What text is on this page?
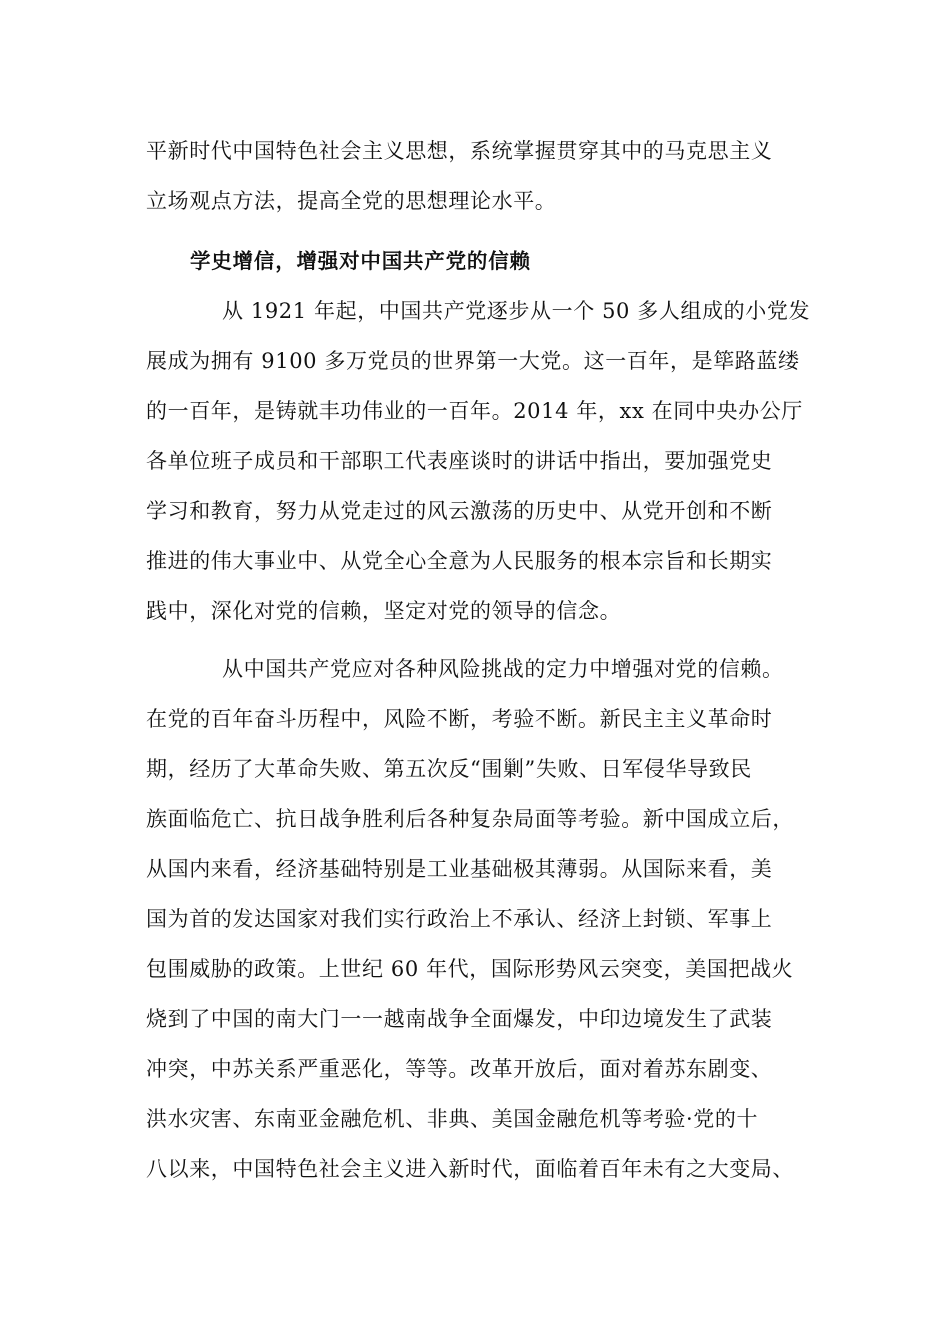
平新时代中国特色社会主义思想，系统掌握贯穿其中的马克思主义
立场观点方法，提高全党的思想理论水平。
学史增信，增强对中国共产党的信赖
从 1921 年起，中国共产党逐步从一个 50 多人组成的小党发
展成为拥有 9100 多万党员的世界第一大党。这一百年，是筚路蓝缕
的一百年，是铸就丰功伟业的一百年。2014 年，xx 在同中央办公厅
各单位班子成员和干部职工代表座谈时的讲话中指出，要加强党史
学习和教育，努力从党走过的风云激荡的历史中、从党开创和不断
推进的伟大事业中、从党全心全意为人民服务的根本宗旨和长期实
践中，深化对党的信赖，坚定对党的领导的信念。
从中国共产党应对各种风险挑战的定力中增强对党的信赖。
在党的百年奋斗历程中，风险不断，考验不断。新民主主义革命时
期，经历了大革命失败、第五次反“围剿”失败、日军侵华导致民
族面临危亡、抗日战争胜利后各种复杂局面等考验。新中国成立后，
从国内来看，经济基础特别是工业基础极其薄弱。从国际来看，美
国为首的发达国家对我们实行政治上不承认、经济上封锁、军事上
包围威胁的政策。上世纪 60 年代，国际形势风云突变，美国把战火
烧到了中国的南大门一一越南战争全面爆发，中印边境发生了武装
冲突，中苏关系严重恶化，等等。改革开放后，面对着苏东剧变、
洪水灾害、东南亚金融危机、非典、美国金融危机等考验·党的十
八以来，中国特色社会主义进入新时代，面临着百年未有之大变局、
